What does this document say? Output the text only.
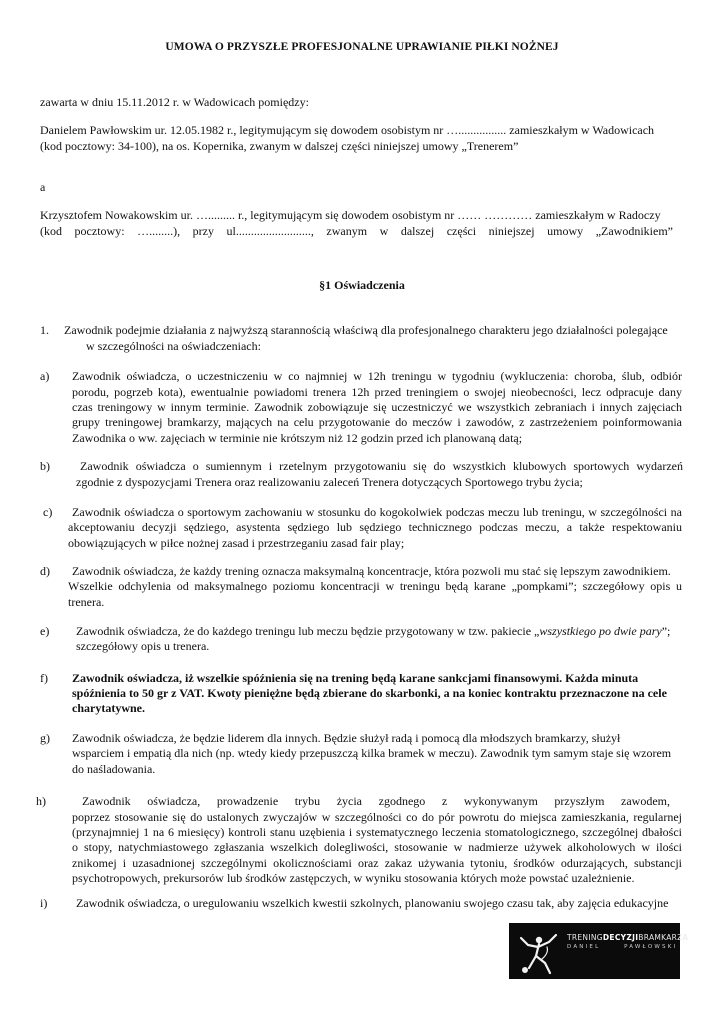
UMOWA O PRZYSZŁE PROFESJONALNE UPRAWIANIE PIŁKI NOŻNEJ

zawarta w dniu 15.11.2012 r. w Wadowicach pomiędzy:

Danielem Pawłowskim ur. 12.05.1982 r., legitymującym się dowodem osobistym nr …................ zamieszkałym w Wadowicach

(kod pocztowy: 34-100), na os. Kopernika, zwanym w dalszej części niniejszej umowy „Trenerem”

a

Krzysztofem Nowakowskim ur. …......... r., legitymującym się dowodem osobistym nr …… ………… zamieszkałym w Radoczy

(kod pocztowy: …........), przy ul........................., zwanym w dalszej części niniejszej umowy „Zawodnikiem”

§1 Oświadczenia
1. Zawodnik podejmie działania z najwyższą starannością właściwą dla profesjonalnego charakteru jego działalności polegające

w szczególności na oświadczeniach:

a) Zawodnik oświadcza, o uczestniczeniu w co najmniej w 12h treningu w tygodniu (wykluczenia: choroba, ślub, odbiór

porodu, pogrzeb kota), ewentualnie powiadomi trenera 12h przed treningiem o swojej nieobecności, lecz odpracuje dany

czas treningowy w innym terminie. Zawodnik zobowiązuje się uczestniczyć we wszystkich zebraniach i innych zajęciach

grupy treningowej bramkarzy, mających na celu przygotowanie do meczów i zawodów, z zastrzeżeniem poinformowania

Zawodnika o ww. zajęciach w terminie nie krótszym niż 12 godzin przed ich planowaną datą;

b)	Zawodnik oświadcza o sumiennym i rzetelnym przygotowaniu się do wszystkich klubowych sportowych wydarzeń

zgodnie z dyspozycjami Trenera oraz realizowaniu zaleceń Trenera dotyczących Sportowego trybu życia;

c) Zawodnik oświadcza o sportowym zachowaniu w stosunku do kogokolwiek podczas meczu lub treningu, w szczególności na

akceptowaniu decyzji sędziego, asystenta sędziego lub sędziego technicznego podczas meczu, a także respektowaniu

obowiązujących w piłce nożnej zasad i przestrzeganiu zasad fair play;

d) Zawodnik oświadcza, że każdy trening oznacza maksymalną koncentracje, która pozwoli mu stać się lepszym zawodnikiem.

Wszelkie odchylenia od maksymalnego poziomu koncentracji w treningu będą karane „pompkami”; szczegółowy opis u

trenera.

e) Zawodnik oświadcza, że do każdego treningu lub meczu będzie przygotowany w tzw. pakiecie „wszystkiego po dwie pary”;

szczegółowy opis u trenera.

f) Zawodnik oświadcza, iż wszelkie spóźnienia się na trening będą karane sankcjami finansowymi. Każda minuta

spóźnienia to 50 gr z VAT. Kwoty pieniężne będą zbierane do skarbonki, a na koniec kontraktu przeznaczone na cele

charytatywne.

g) Zawodnik oświadcza, że będzie liderem dla innych. Będzie służył radą i pomocą dla młodszych bramkarzy, służył

wsparciem i empatią dla nich (np. wtedy kiedy przepuszczą kilka bramek w meczu). Zawodnik tym samym staje się wzorem

do naśladowania.

h)	Zawodnik oświadcza, prowadzenie trybu życia zgodnego z wykonywanym przyszłym zawodem,

poprzez stosowanie się do ustalonych zwyczajów w szczególności co do pór powrotu do miejsca zamieszkania, regularnej

(przynajmniej 1 na 6 miesięcy) kontroli stanu uzębienia i systematycznego leczenia stomatologicznego, szczególnej dbałości

o stopy, natychmiastowego zgłaszania wszelkich dolegliwości, stosowanie w nadmierze używek alkoholowych w ilości

znikomej i uzasadnionej szczególnymi okolicznościami oraz zakaz używania tytoniu, środków odurzających, substancji

psychotropowych, prekursorów lub środków zastępczych, w wyniku stosowania których może powstać uzależnienie.

i) Zawodnik oświadcza, o uregulowaniu wszelkich kwestii szkolnych, planowaniu swojego czasu tak, aby zajęcia edukacyjne

TRENINGDECYZJIBRAMKARZA
DANIEL	PAWŁOWSKI
